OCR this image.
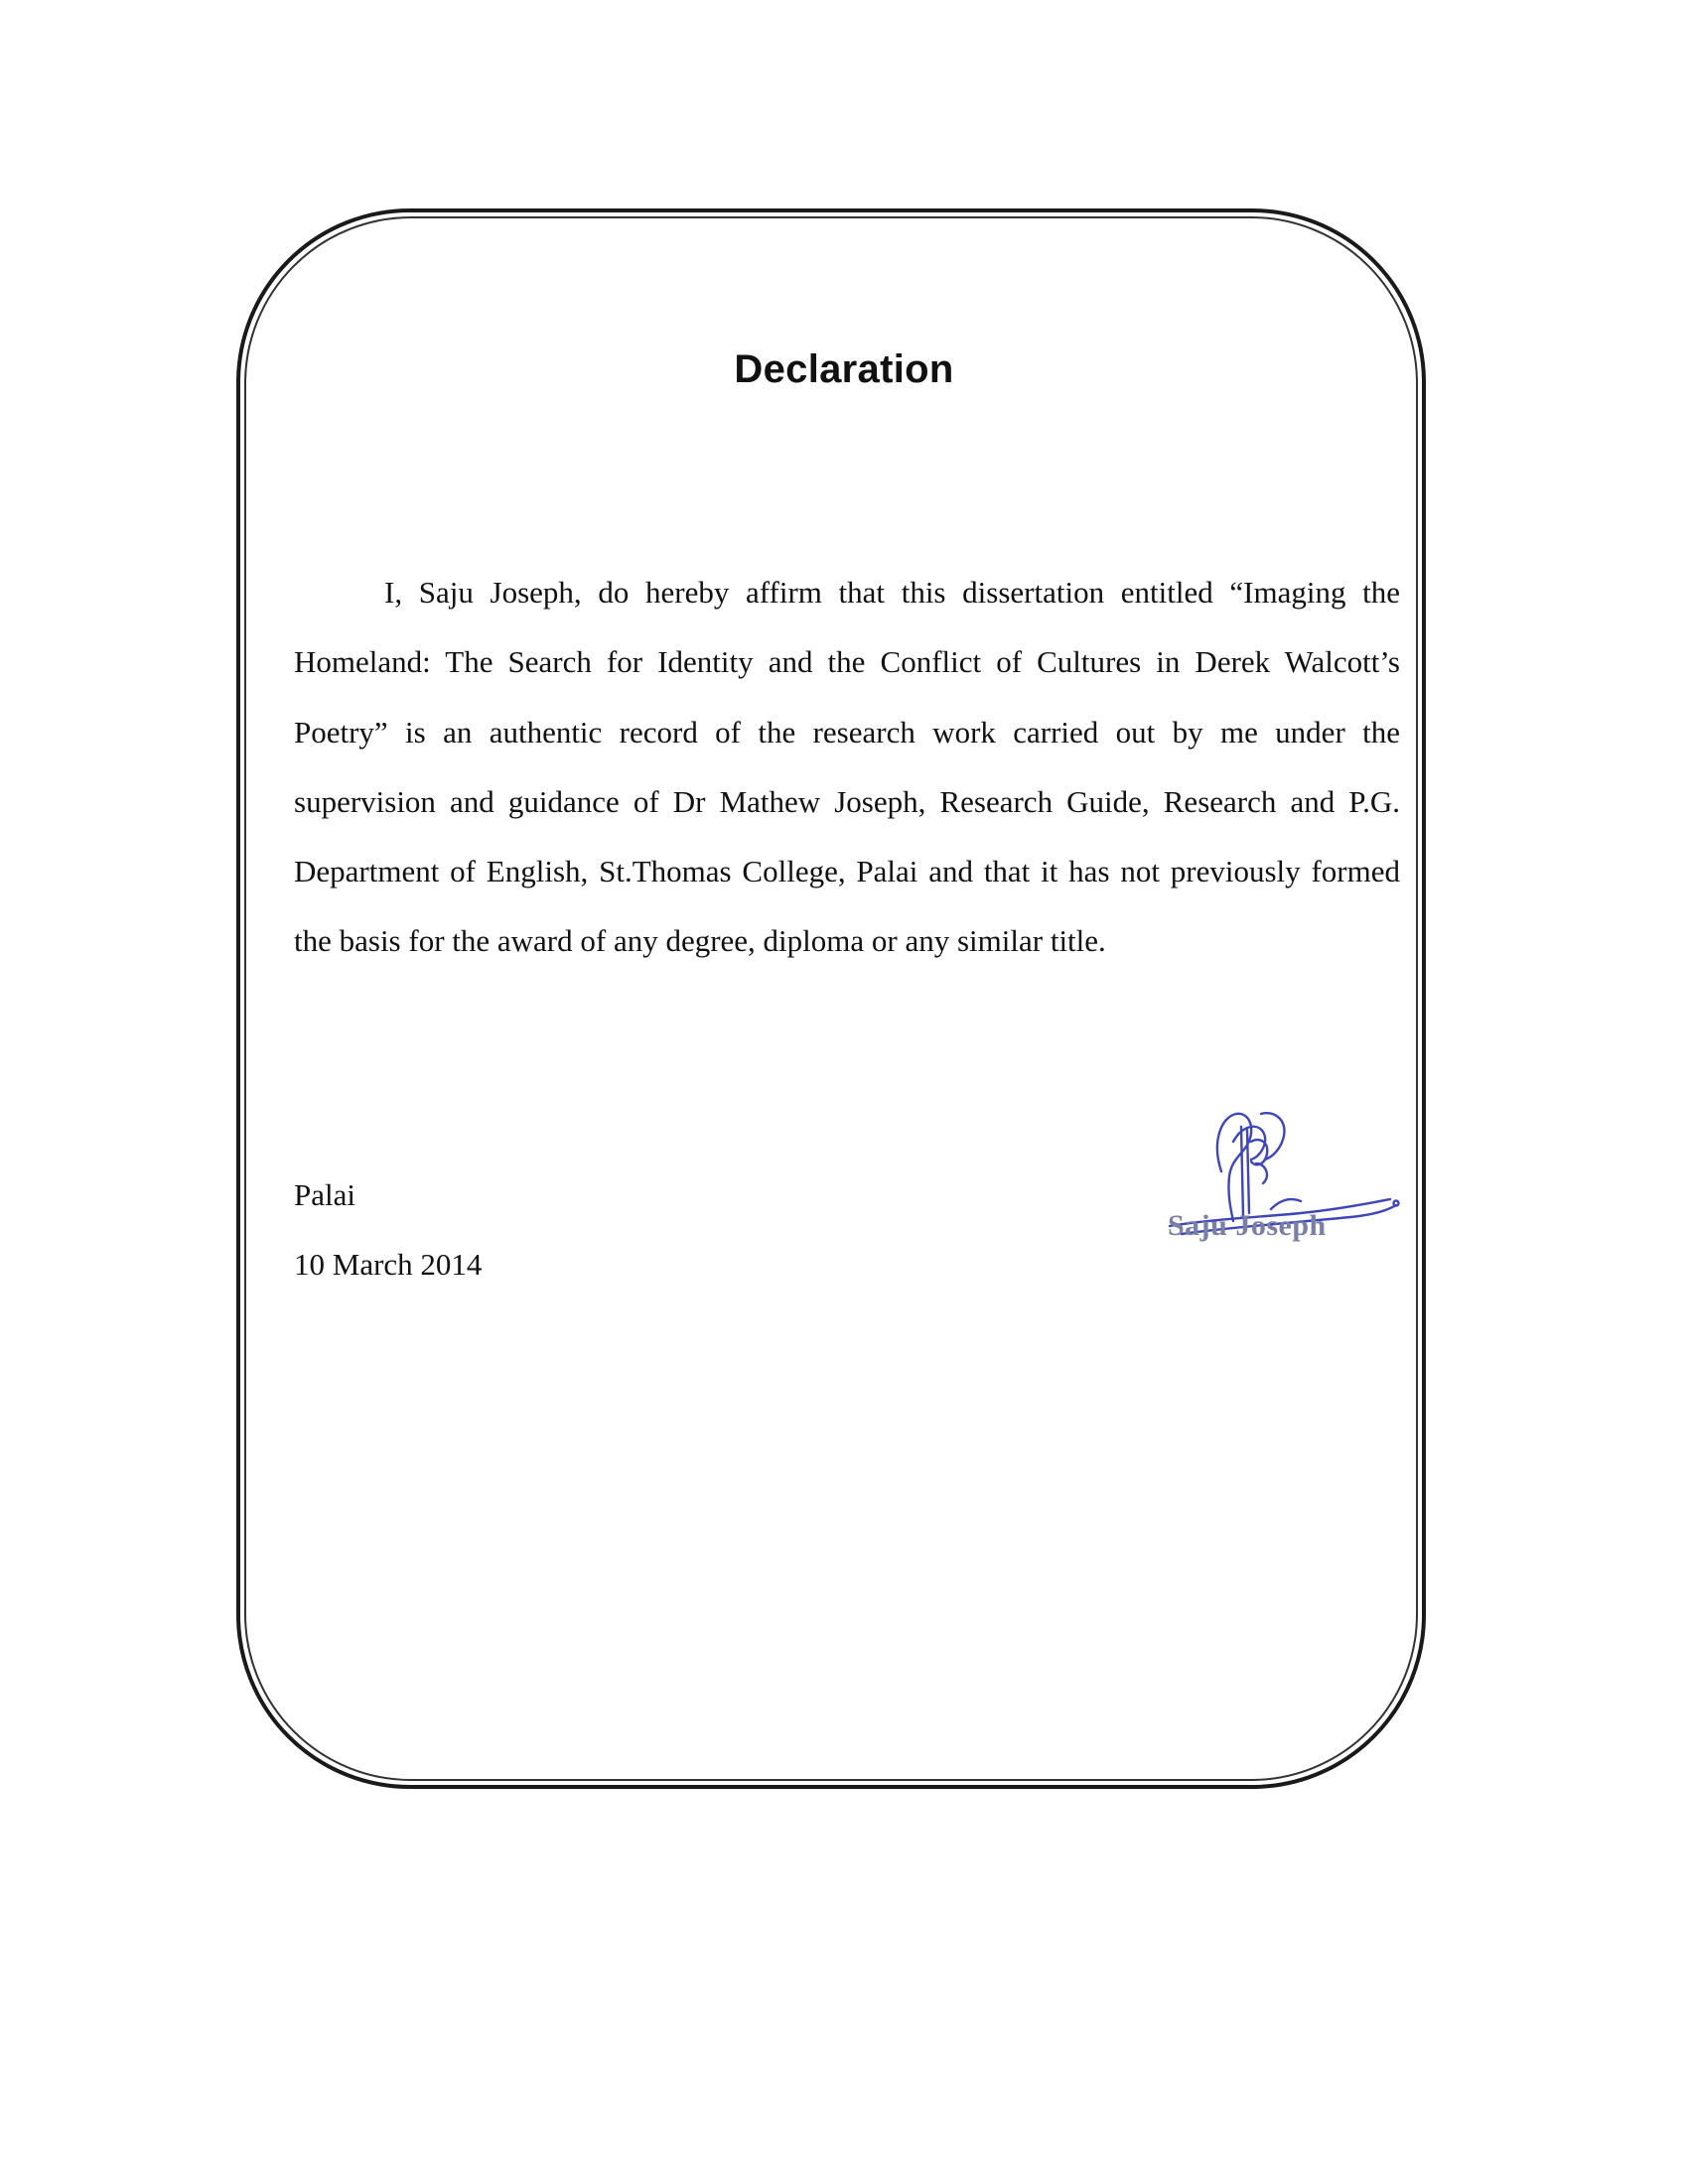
Declaration

I, Saju Joseph, do hereby affirm that this dissertation entitled “Imaging the Homeland: The Search for Identity and the Conflict of Cultures in Derek Walcott’s Poetry” is an authentic record of the research work carried out by me under the supervision and guidance of Dr Mathew Joseph, Research Guide, Research and P.G. Department of English, St.Thomas College, Palai and that it has not previously formed the basis for the award of any degree, diploma or any similar title.

Palai

10 March 2014

Saju Joseph
